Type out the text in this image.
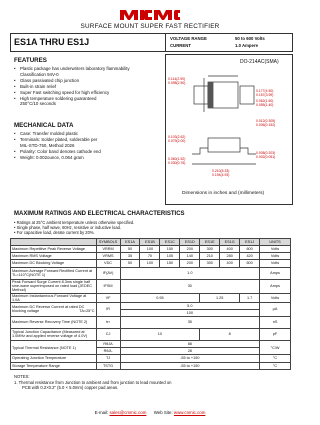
SURFACE MOUNT SUPER FAST RECTIFIER
ES1A THRU ES1J	VOLTAGE RANGE	50 to 600 Volts
CURRENT	1.0 Ampere
FEATURES
• Plastic package has underwriters laboratory flammability
Classification 94V-0
• Glass passivated chip junction
• Built-in strain relief
• Super Fast switching speed for high efficiency
• High temperature soldering guaranteed
250°C/10 seconds
MECHANICAL DATA
• Case: Transfer molded plastic
• Terminals: Solder plated, solderable per
MIL-STD-750, Method 2026
• Polarity: Color band denotes cathode end
• Weight: 0.002ounce, 0.064 gram
DO-214AC(SMA)
0.114(2.90)
0.098(2.50)
0.177(4.50)
0.157(3.99)
0.062(1.60)
0.055(1.40)
0.012(0.305)
0.006(0.152)
0.103(2.62)
0.079(2.00)
0.060(1.52)
0.030(0.76)
0.210(5.33)
0.194(4.93)
0.008(0.203)
0.002(0.051)
Dimensions in inches and (millimeters)
MAXIMUM RATINGS AND ELECTRICAL CHARACTERISTICS
• Ratings at 25°C ambient temperature unless otherwise specified.
• Single phase, half wave, 60Hz, resistive or inductive load.
• For capacitive load, derate current by 20%.
	SYMBOLS	ES1A	ES1B	ES1C	ES1D	ES1E	ES1G	ES1J	UNITS
Maximum Repetitive Peak Reverse Voltage	VRRM	50	100	150	200	300	400	600	Volts
Maximum RMS Voltage	VRMS	35	70	105	140	210	280	420	Volts
Maximum DC Blocking Voltage	VDC	50	100	150	200	300	400	600	Volts
Maximum Average Forward Rectified Current at TL=110°C(NOTE 1)	IF(AV)	1.0							Amps
Peak Forward Surge Current 8.3ms single half sine-wave superimposed on rated load (JEDEC Method)	IFSM	30							Amps
Maximum Instantaneous Forward Voltage at 1.0A	VF	0.95				1.25		1.7	Volts
Maximum DC Reverse Current at rated DC blocking voltage TA=25°C	IR	5.0							μA
		100							
Maximum Reverse Recovery Time (NOTE 2)	trr	35							nS
Typical Junction Capacitance (Measured at 1.0MHz and applied reverse voltage of 4.0V)	CJ	10				8			pF
Typical Thermal Resistance (NOTE 1)	RθJA	88							°C/W
	RθJL	28							
Operating Junction Temperature	TJ	-55 to +150							°C
Storage Temperature Range	TSTG	-55 to +150							°C
NOTES:
1. Thermal resistance from Junction to ambient and from junction to lead mounted on
PCB with 0.2×0.2" (5.0 × 5.0mm) copper pad areas.
E-mail: sales@cmmic.com Web Site: www.cnmic.com
